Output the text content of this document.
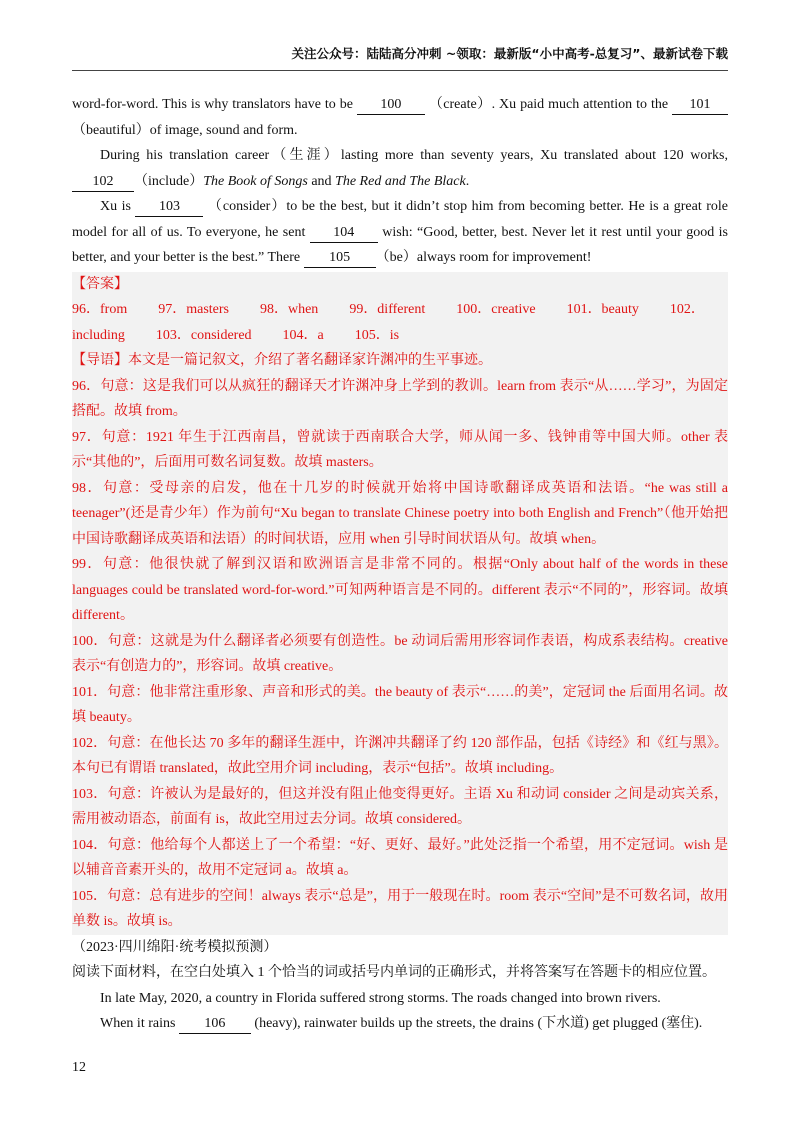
关注公众号：陆陆高分冲刺 ~领取：最新版“小中高考-总复习”、最新试卷下载

word-for-word. This is why translators have to be 100 （create）. Xu paid much attention to the 101（beautiful）of image, sound and form.

During his translation career（生涯）lasting more than seventy years, Xu translated about 120 works, 102 （include）The Book of Songs and The Red and The Black.

Xu is 103 （consider）to be the best, but it didn’t stop him from becoming better. He is a great role model for all of us. To everyone, he sent 104 wish: “Good, better, best. Never let it rest until your good is better, and your better is the best.” There 105 （be）always room for improvement!

【答案】

96．from 97．masters 98．when 99．different 100．creative 101．beauty 102．

including 103．considered 104．a 105．is

【导语】本文是一篇记叙文，介绍了著名翻译家许渊冲的生平事迹。

96．句意：这是我们可以从疯狂的翻译天才许渊冲身上学到的教训。learn from 表示“从……学习”，为固定搭配。故填 from。

97．句意：1921 年生于江西南昌，曾就读于西南联合大学，师从闻一多、钱钟甫等中国大师。other 表示“其他的”，后面用可数名词复数。故填 masters。

98．句意：受母亲的启发，他在十几岁的时候就开始将中国诗歌翻译成英语和法语。“he was still a teenager”(还是青少年）作为前句“Xu began to translate Chinese poetry into both English and French”（他开始把中国诗歌翻译成英语和法语）的时间状语，应用 when 引导时间状语从句。故填 when。

99．句意：他很快就了解到汉语和欧洲语言是非常不同的。根据“Only about half of the words in these languages could be translated word-for-word.”可知两种语言是不同的。different 表示“不同的”，形容词。故填 different。

100．句意：这就是为什么翻译者必须要有创造性。be 动词后需用形容词作表语，构成系表结构。creative 表示“有创造力的”，形容词。故填 creative。

101．句意：他非常注重形象、声音和形式的美。the beauty of 表示“……的美”，定冠词 the 后面用名词。故填 beauty。

102．句意：在他长达 70 多年的翻译生涯中，许渊冲共翻译了约 120 部作品，包括《诗经》和《红与黑》。本句已有谓语 translated，故此空用介词 including，表示“包括”。故填 including。

103．句意：许被认为是最好的，但这并没有阻止他变得更好。主语 Xu 和动词 consider 之间是动宾关系，需用被动语态，前面有 is，故此空用过去分词。故填 considered。

104．句意：他给每个人都送上了一个希望：“好、更好、最好。”此处泛指一个希望，用不定冠词。wish 是以辅音音素开头的，故用不定冠词 a。故填 a。

105．句意：总有进步的空间！always 表示“总是”，用于一般现在时。room 表示“空间”是不可数名词，故用单数 is。故填 is。

（2023·四川绵阳·统考模拟预测）

阅读下面材料，在空白处填入 1 个恰当的词或括号内单词的正确形式，并将答案写在答题卡的相应位置。

In late May, 2020, a country in Florida suffered strong storms. The roads changed into brown rivers.

When it rains 106 (heavy), rainwater builds up the streets, the drains (下水道) get plugged (塞住).

12
